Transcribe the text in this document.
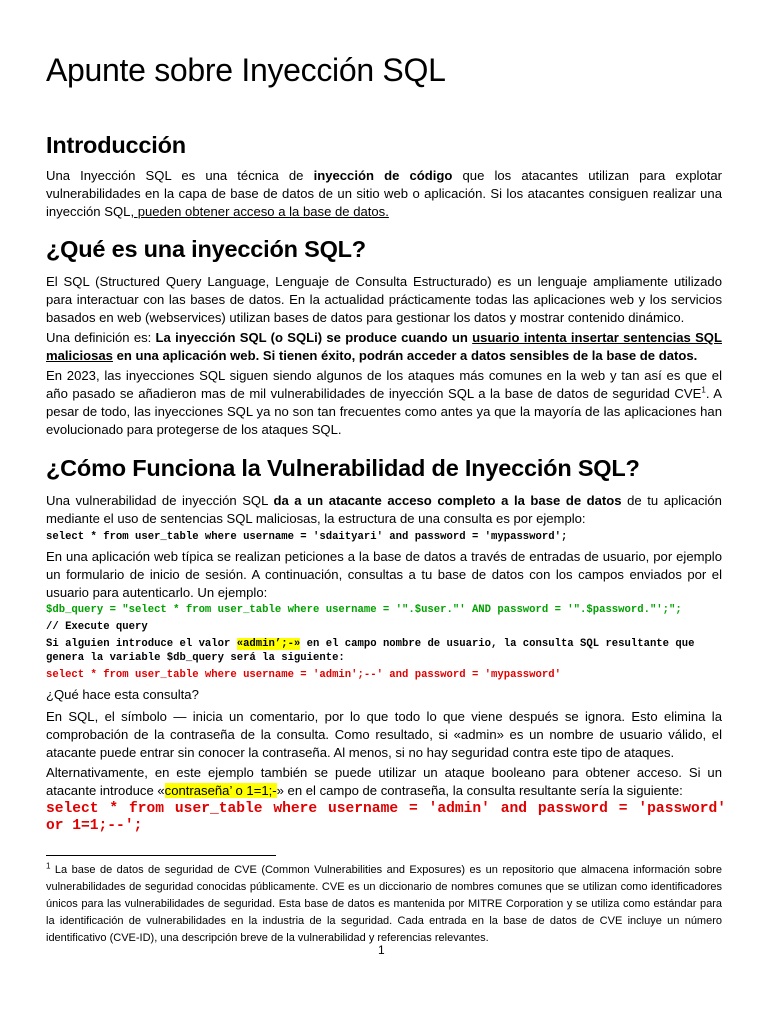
Apunte sobre Inyección SQL
Introducción

Una Inyección SQL es una técnica de inyección de código que los atacantes utilizan para explotar vulnerabilidades en la capa de base de datos de un sitio web o aplicación. Si los atacantes consiguen realizar una inyección SQL, pueden obtener acceso a la base de datos.

¿Qué es una inyección SQL?

El SQL (Structured Query Language, Lenguaje de Consulta Estructurado) es un lenguaje ampliamente utilizado para interactuar con las bases de datos. En la actualidad prácticamente todas las aplicaciones web y los servicios basados en web (webservices) utilizan bases de datos para gestionar los datos y mostrar contenido dinámico.

Una definición es: La inyección SQL (o SQLi) se produce cuando un usuario intenta insertar sentencias SQL maliciosas en una aplicación web. Si tienen éxito, podrán acceder a datos sensibles de la base de datos.

En 2023, las inyecciones SQL siguen siendo algunos de los ataques más comunes en la web y tan así es que el año pasado se añadieron mas de mil vulnerabilidades de inyección SQL a la base de datos de seguridad CVE$^1$. A pesar de todo, las inyecciones SQL ya no son tan frecuentes como antes ya que la mayoría de las aplicaciones han evolucionado para protegerse de los ataques SQL.

¿Cómo Funciona la Vulnerabilidad de Inyección SQL?

Una vulnerabilidad de inyección SQL da a un atacante acceso completo a la base de datos de tu aplicación mediante el uso de sentencias SQL maliciosas, la estructura de una consulta es por ejemplo:

select * from user_table where username = 'sdaityari' and password = 'mypassword';

En una aplicación web típica se realizan peticiones a la base de datos a través de entradas de usuario, por ejemplo un formulario de inicio de sesión. A continuación, consultas a tu base de datos con los campos enviados por el usuario para autenticarlo. Un ejemplo:

$db_query = "select * from user_table where username = '".$user."' AND password = '".$password."';";
// Execute query
Si alguien introduce el valor «admin’;-» en el campo nombre de usuario, la consulta SQL resultante que genera la variable $db_query será la siguiente:
select * from user_table where username = 'admin';--' and password = 'mypassword'

¿Qué hace esta consulta?

En SQL, el símbolo — inicia un comentario, por lo que todo lo que viene después se ignora. Esto elimina la comprobación de la contraseña de la consulta. Como resultado, si «admin» es un nombre de usuario válido, el atacante puede entrar sin conocer la contraseña. Al menos, si no hay seguridad contra este tipo de ataques.

Alternativamente, en este ejemplo también se puede utilizar un ataque booleano para obtener acceso. Si un atacante introduce «contraseña’ o 1=1;-» en el campo de contraseña, la consulta resultante sería la siguiente:

select * from user_table where username = 'admin' and password = 'password' or 1=1;--';

$^1$ La base de datos de seguridad de CVE (Common Vulnerabilities and Exposures) es un repositorio que almacena información sobre vulnerabilidades de seguridad conocidas públicamente. CVE es un diccionario de nombres comunes que se utilizan como identificadores únicos para las vulnerabilidades de seguridad. Esta base de datos es mantenida por MITRE Corporation y se utiliza como estándar para la identificación de vulnerabilidades en la industria de la seguridad. Cada entrada en la base de datos de CVE incluye un número identificativo (CVE-ID), una descripción breve de la vulnerabilidad y referencias relevantes.

1
